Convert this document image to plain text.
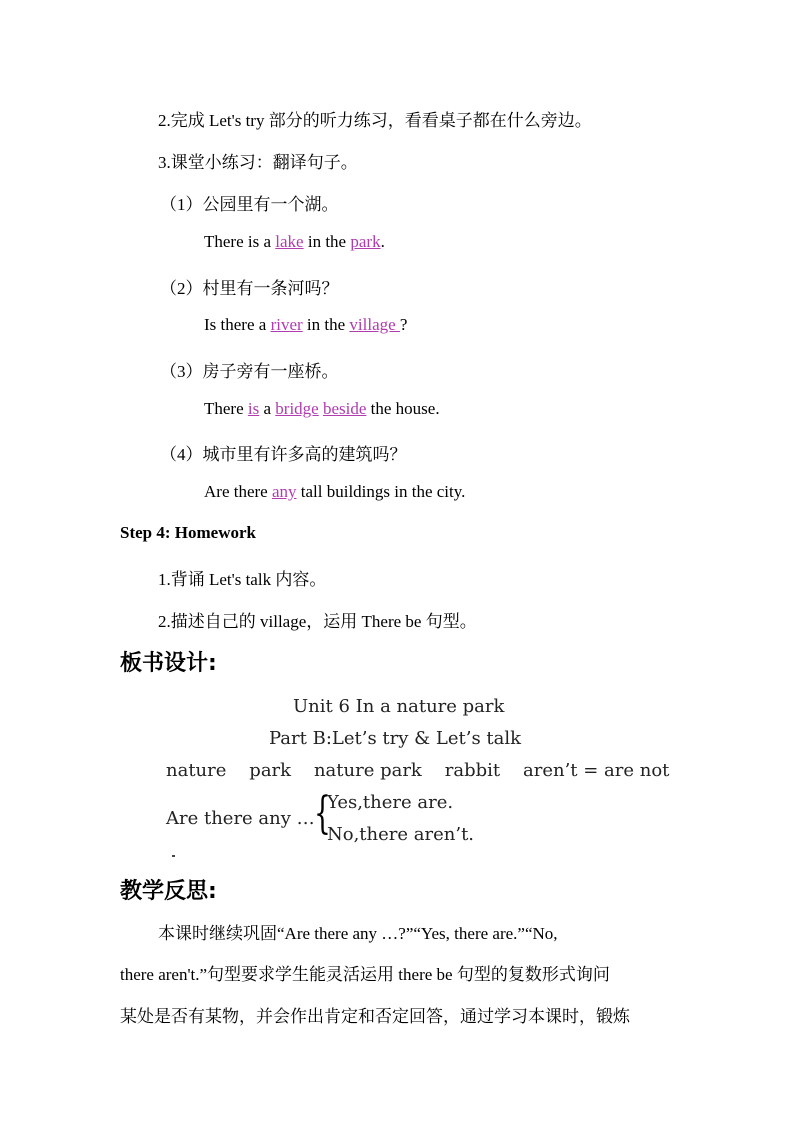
2.完成 Let's try 部分的听力练习，看看桌子都在什么旁边。
3.课堂小练习：翻译句子。
（1）公园里有一个湖。
There is a lake in the park.
（2）村里有一条河吗？
Is there a river in the village ?
（3）房子旁有一座桥。
There is a bridge beside the house.
（4）城市里有许多高的建筑吗？
Are there any tall buildings in the city.
Step 4: Homework
1.背诵 Let's talk 内容。
2.描述自己的 village，运用 There be 句型。
板书设计:
Unit 6 In a nature park
Part B:Let’s try & Let’s talk
nature    park    nature park    rabbit    aren’t = are not
Are there any … {
Yes,there are.
No,there aren’t.
教学反思:
本课时继续巩固“Are there any …?”“Yes, there are.”“No,
there aren't.”句型要求学生能灵活运用 there be 句型的复数形式询问
某处是否有某物，并会作出肯定和否定回答，通过学习本课时，锻炼
